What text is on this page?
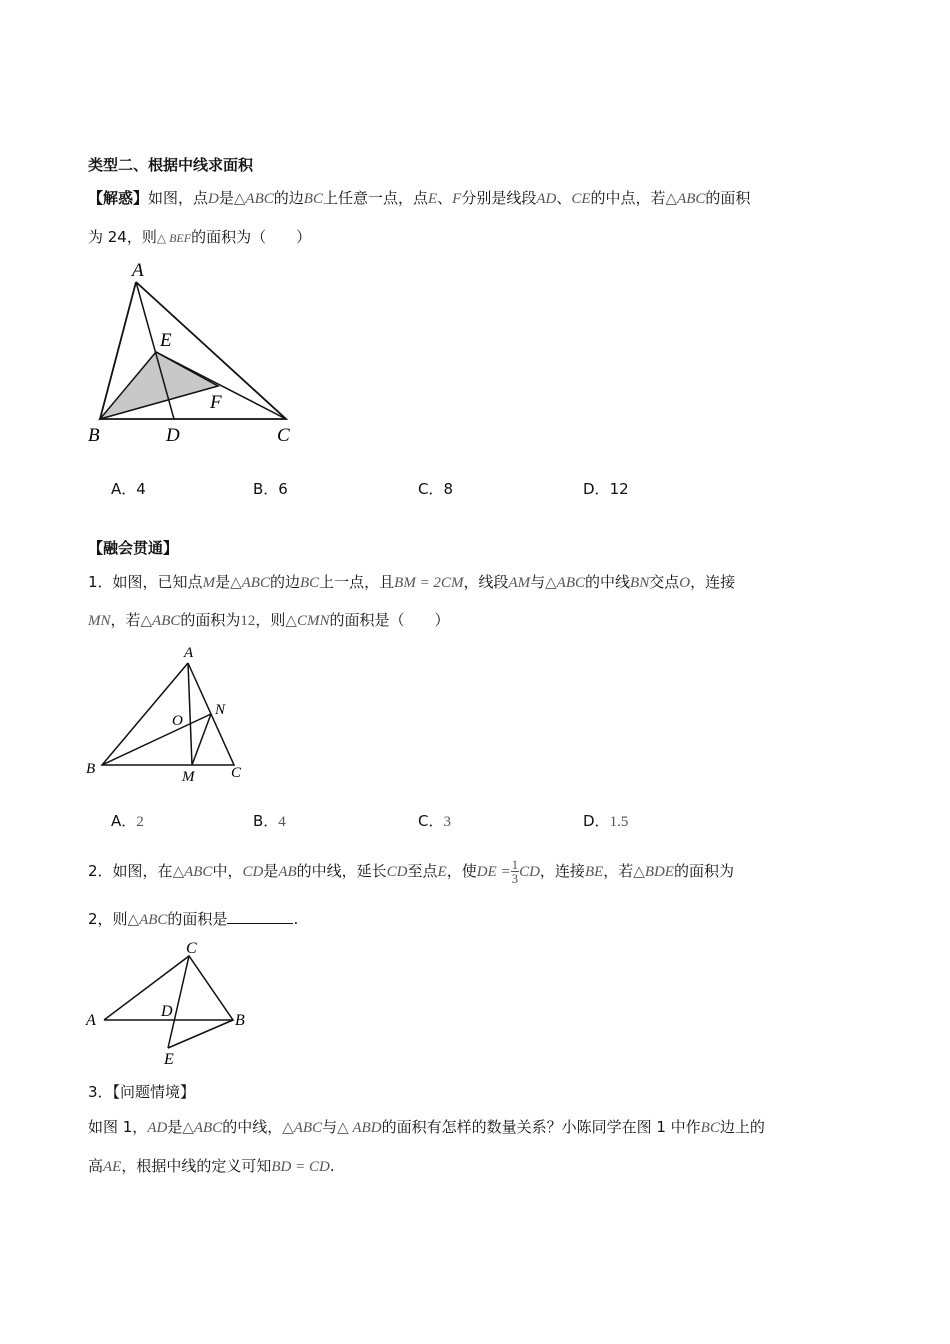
类型二、根据中线求面积
【解惑】如图，点D是△ABC的边BC上任意一点，点E、F分别是线段AD、CE的中点，若△ABC的面积
为 24，则△ BEF的面积为（　　）
A
E
F
B	D	C
A．4	B．6	C．8	D．12
【融会贯通】
1．如图，已知点M是△ABC的边BC上一点，且BM = 2CM，线段AM与△ABC的中线BN交点O，连接
MN，若△ABC的面积为12，则△CMN的面积是（　　）
A
O
N
B	M C
A．2	B．4	C．3	D．1.5
2．如图，在△ABC中，CD是AB的中线，延长CD至点E，使DE = $\frac{1}{3}$ CD，连接BE，若△BDE的面积为
2，则△ABC的面积是	.
C
A
D
B
E
3．【问题情境】
如图 1，AD是△ABC的中线，△ABC与△ ABD的面积有怎样的数量关系？小陈同学在图 1 中作BC边上的
高AE，根据中线的定义可知BD = CD.
